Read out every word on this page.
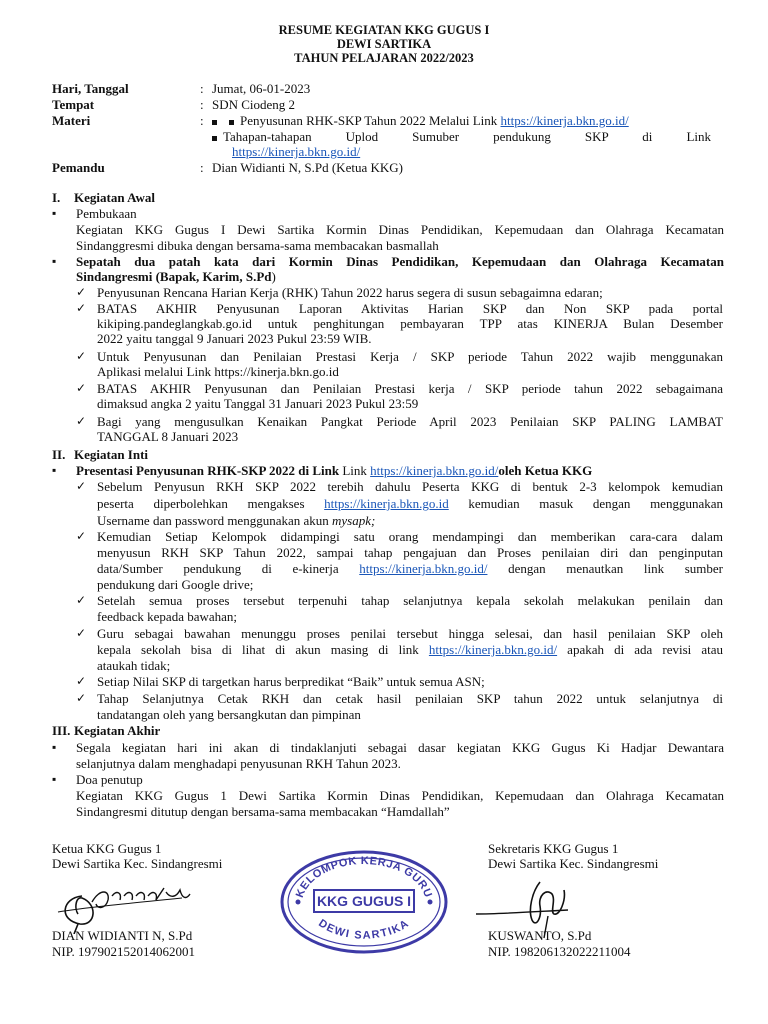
RESUME KEGIATAN KKG GUGUS I
DEWI SARTIKA
TAHUN PELAJARAN 2022/2023
Hari, Tanggal	: Jumat, 06-01-2023
Tempat	: SDN Ciodeng 2
Materi	:	Penyusunan RHK-SKP Tahun 2022 Melalui Link https://kinerja.bkn.go.id/
Tahapan-tahapan Uplod Sumuber pendukung SKP di Link
https://kinerja.bkn.go.id/
Pemandu	: Dian Widianti N, S.Pd (Ketua KKG)
I. Kegiatan Awal
▪ Pembukaan
Kegiatan KKG Gugus I Dewi Sartika Kormin Dinas Pendidikan, Kepemudaan dan Olahraga Kecamatan
Sindanggresmi dibuka dengan bersama-sama membacakan basmallah
▪ Sepatah dua patah kata dari Kormin Dinas Pendidikan, Kepemudaan dan Olahraga Kecamatan
Sindangresmi (Bapak, Karim, S.Pd)
✓ Penyusunan Rencana Harian Kerja (RHK) Tahun 2022 harus segera di susun sebagaimna edaran;
✓ BATAS AKHIR Penyusunan Laporan Aktivitas Harian SKP dan Non SKP pada portal
kikiping.pandeglangkab.go.id untuk penghitungan pembayaran TPP atas KINERJA Bulan Desember
2022 yaitu tanggal 9 Januari 2023 Pukul 23:59 WIB.
✓ Untuk Penyusunan dan Penilaian Prestasi Kerja / SKP periode Tahun 2022 wajib menggunakan
Aplikasi melalui Link https://kinerja.bkn.go.id
✓ BATAS AKHIR Penyusunan dan Penilaian Prestasi kerja / SKP periode tahun 2022 sebagaimana
dimaksud angka 2 yaitu Tanggal 31 Januari 2023 Pukul 23:59
✓ Bagi yang mengusulkan Kenaikan Pangkat Periode April 2023 Penilaian SKP PALING LAMBAT
TANGGAL 8 Januari 2023
II. Kegiatan Inti
▪ Presentasi Penyusunan RHK-SKP 2022 di Link Link https://kinerja.bkn.go.id/oleh Ketua KKG
✓ Sebelum Penyusun RKH SKP 2022 terebih dahulu Peserta KKG di bentuk 2-3 kelompok kemudian
peserta diperbolehkan mengakses https://kinerja.bkn.go.id kemudian masuk dengan menggunakan
Username dan password menggunakan akun mysapk;
✓ Kemudian Setiap Kelompok didampingi satu orang mendampingi dan memberikan cara-cara dalam
menyusun RKH SKP Tahun 2022, sampai tahap pengajuan dan Proses penilaian diri dan penginputan
data/Sumber pendukung di e-kinerja https://kinerja.bkn.go.id/ dengan menautkan link sumber
pendukung dari Google drive;
✓ Setelah semua proses tersebut terpenuhi tahap selanjutnya kepala sekolah melakukan penilain dan
feedback kepada bawahan;
✓ Guru sebagai bawahan menunggu proses penilai tersebut hingga selesai, dan hasil penilaian SKP oleh
kepala sekolah bisa di lihat di akun masing di link https://kinerja.bkn.go.id/ apakah di ada revisi atau
ataukah tidak;
✓ Setiap Nilai SKP di targetkan harus berpredikat “Baik” untuk semua ASN;
✓ Tahap Selanjutnya Cetak RKH dan cetak hasil penilaian SKP tahun 2022 untuk selanjutnya di
tandatangan oleh yang bersangkutan dan pimpinan
III. Kegiatan Akhir
▪ Segala kegiatan hari ini akan di tindaklanjuti sebagai dasar kegiatan KKG Gugus Ki Hadjar Dewantara
selanjutnya dalam menghadapi penyusunan RKH Tahun 2023.
▪ Doa penutup
Kegiatan KKG Gugus 1 Dewi Sartika Kormin Dinas Pendidikan, Kepemudaan dan Olahraga Kecamatan
Sindangresmi ditutup dengan bersama-sama membacakan “Hamdallah”
Ketua KKG Gugus 1
Dewi Sartika Kec. Sindangresmi
DIAN WIDIANTI N, S.Pd
NIP. 197902152014062001
Sekretaris KKG Gugus 1
Dewi Sartika Kec. Sindangresmi
KUSWANTO, S.Pd
NIP. 198206132022211004
KELOMPOK KERJA GURU
KKG GUGUS I
DEWI SARTIKA
